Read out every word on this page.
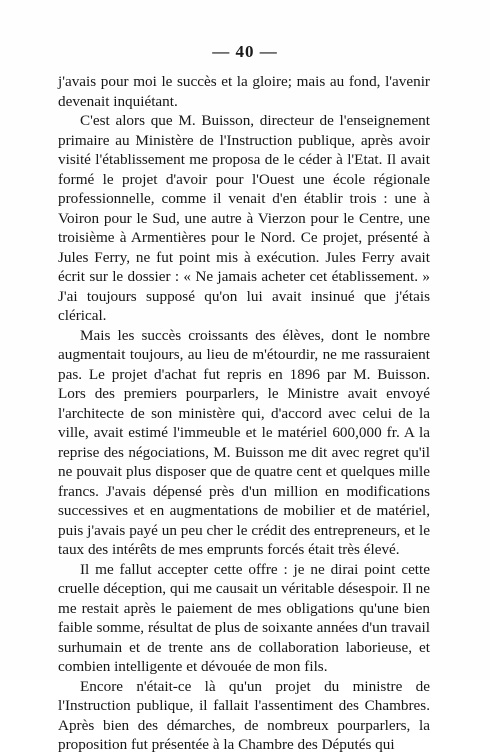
— 40 —

j'avais pour moi le succès et la gloire; mais au fond, l'avenir devenait inquiétant.

C'est alors que M. Buisson, directeur de l'enseignement primaire au Ministère de l'Instruction publique, après avoir visité l'établissement me proposa de le céder à l'Etat. Il avait formé le projet d'avoir pour l'Ouest une école régionale professionnelle, comme il venait d'en établir trois : une à Voiron pour le Sud, une autre à Vierzon pour le Centre, une troisième à Armentières pour le Nord. Ce projet, présenté à Jules Ferry, ne fut point mis à exécution. Jules Ferry avait écrit sur le dossier : « Ne jamais acheter cet établissement. » J'ai toujours supposé qu'on lui avait insinué que j'étais clérical.

Mais les succès croissants des élèves, dont le nombre augmentait toujours, au lieu de m'étourdir, ne me rassuraient pas. Le projet d'achat fut repris en 1896 par M. Buisson. Lors des premiers pourparlers, le Ministre avait envoyé l'architecte de son ministère qui, d'accord avec celui de la ville, avait estimé l'immeuble et le matériel 600,000 fr. A la reprise des négociations, M. Buisson me dit avec regret qu'il ne pouvait plus disposer que de quatre cent et quelques mille francs. J'avais dépensé près d'un million en modifications successives et en augmentations de mobilier et de matériel, puis j'avais payé un peu cher le crédit des entrepreneurs, et le taux des intérêts de mes emprunts forcés était très élevé.

Il me fallut accepter cette offre : je ne dirai point cette cruelle déception, qui me causait un véritable désespoir. Il ne me restait après le paiement de mes obligations qu'une bien faible somme, résultat de plus de soixante années d'un travail surhumain et de trente ans de collaboration laborieuse, et combien intelligente et dévouée de mon fils.

Encore n'était-ce là qu'un projet du ministre de l'Instruction publique, il fallait l'assentiment des Chambres. Après bien des démarches, de nombreux pourparlers, la proposition fut présentée à la Chambre des Députés qui
